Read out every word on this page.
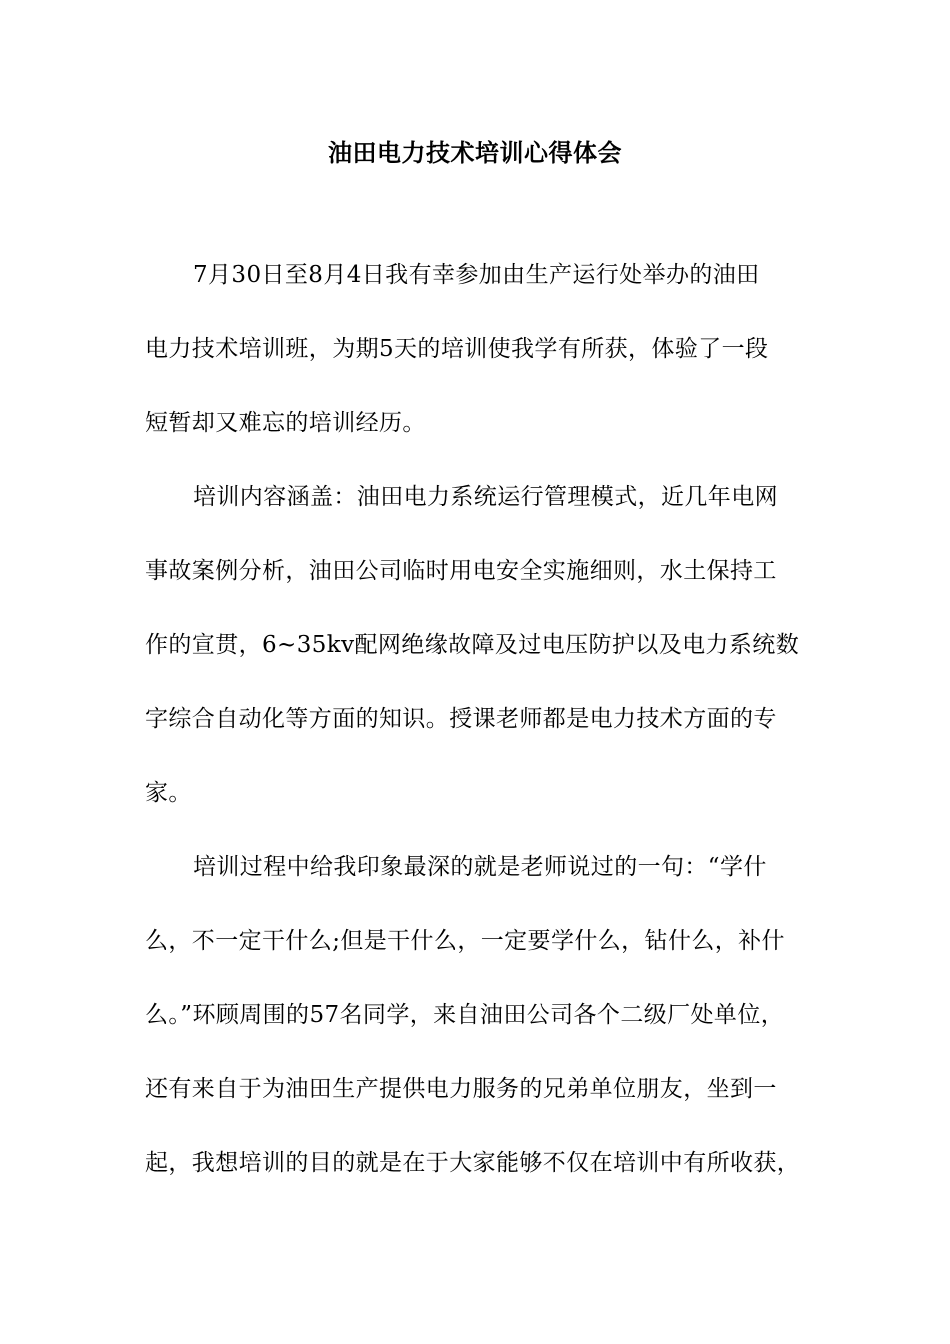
油田电力技术培训心得体会

7月30日至8月4日我有幸参加由生产运行处举办的油田
电力技术培训班，为期5天的培训使我学有所获，体验了一段
短暂却又难忘的培训经历。

培训内容涵盖：油田电力系统运行管理模式，近几年电网
事故案例分析，油田公司临时用电安全实施细则，水土保持工
作的宣贯，6~35kv配网绝缘故障及过电压防护以及电力系统数
字综合自动化等方面的知识。授课老师都是电力技术方面的专
家。

培训过程中给我印象最深的就是老师说过的一句：“学什
么，不一定干什么;但是干什么，一定要学什么，钻什么，补什
么。”环顾周围的57名同学，来自油田公司各个二级厂处单位，
还有来自于为油田生产提供电力服务的兄弟单位朋友，坐到一
起，我想培训的目的就是在于大家能够不仅在培训中有所收获，
